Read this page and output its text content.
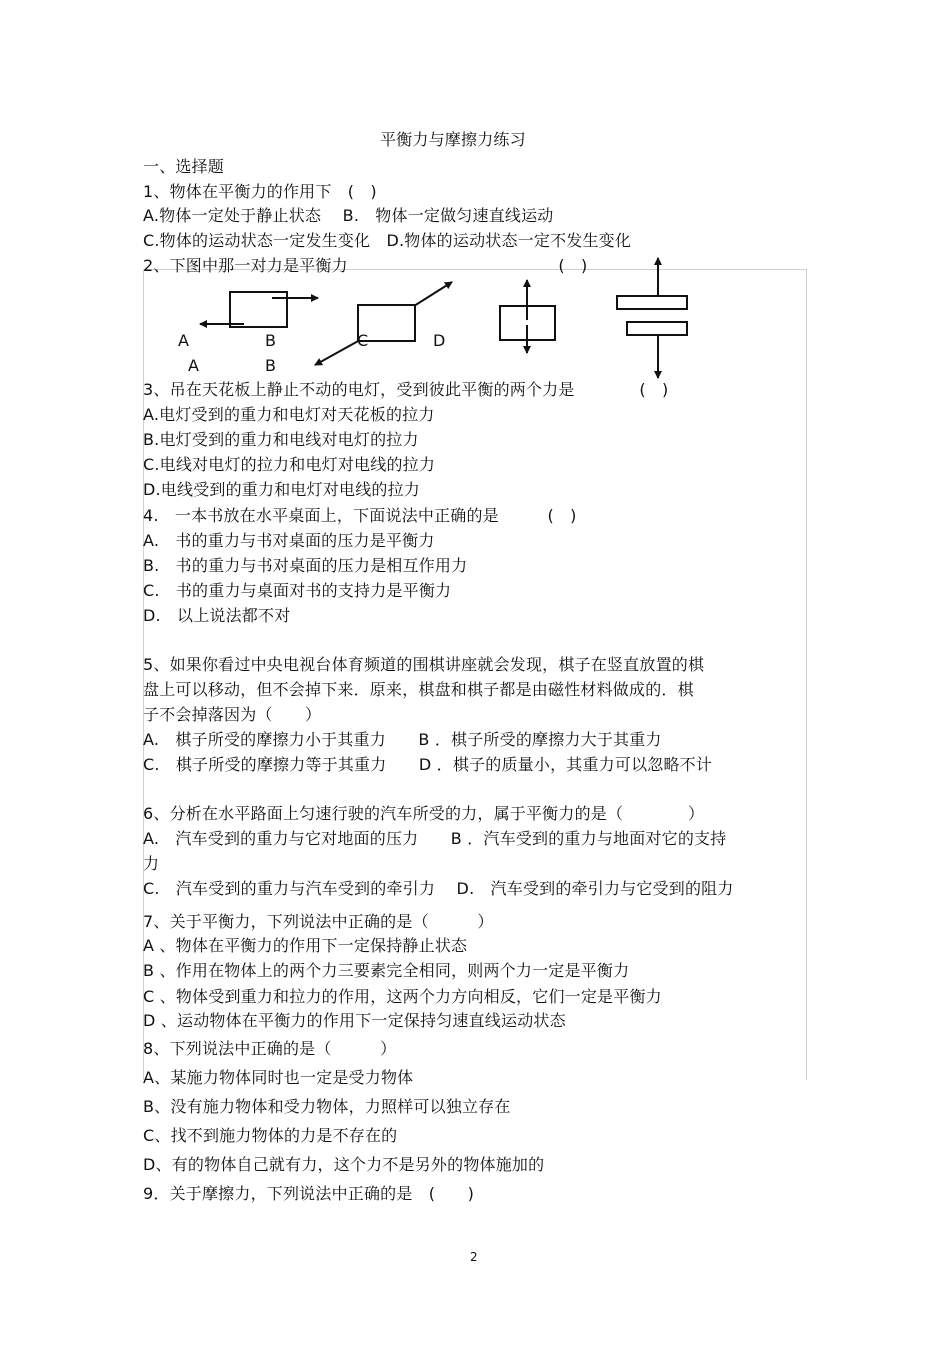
平衡力与摩擦力练习
一、选择题
1、物体在平衡力的作用下　(　)
A.物体一定处于静止状态　 B.　物体一定做匀速直线运动
C.物体的运动状态一定发生变化　D.物体的运动状态一定不发生变化
2、下图中那一对力是平衡力　　　　　　　　　　　　　(　)
A	B	C	D
A	B
3、吊在天花板上静止不动的电灯，受到彼此平衡的两个力是　　　　(　)
A.电灯受到的重力和电灯对天花板的拉力
B.电灯受到的重力和电线对电灯的拉力
C.电线对电灯的拉力和电灯对电线的拉力
D.电线受到的重力和电灯对电线的拉力
4.　一本书放在水平桌面上，下面说法中正确的是　　　(　)
A.　书的重力与书对桌面的压力是平衡力
B.　书的重力与书对桌面的压力是相互作用力
C.　书的重力与桌面对书的支持力是平衡力
D.　以上说法都不对
5、如果你看过中央电视台体育频道的围棋讲座就会发现，棋子在竖直放置的棋
盘上可以移动，但不会掉下来．原来，棋盘和棋子都是由磁性材料做成的．棋
子不会掉落因为（　　）
A.　棋子所受的摩擦力小于其重力　　B ．棋子所受的摩擦力大于其重力
C.　棋子所受的摩擦力等于其重力　　D ．棋子的质量小，其重力可以忽略不计
6、分析在水平路面上匀速行驶的汽车所受的力，属于平衡力的是（　　　　）
A.　汽车受到的重力与它对地面的压力　　B ．汽车受到的重力与地面对它的支持
力
C.　汽车受到的重力与汽车受到的牵引力　 D.　汽车受到的牵引力与它受到的阻力
7、关于平衡力，下列说法中正确的是（　　　）
A 、物体在平衡力的作用下一定保持静止状态
B 、作用在物体上的两个力三要素完全相同，则两个力一定是平衡力
C 、物体受到重力和拉力的作用，这两个力方向相反，它们一定是平衡力
D 、运动物体在平衡力的作用下一定保持匀速直线运动状态
8、下列说法中正确的是（　　　）
A、某施力物体同时也一定是受力物体
B、没有施力物体和受力物体，力照样可以独立存在
C、找不到施力物体的力是不存在的
D、有的物体自己就有力，这个力不是另外的物体施加的
9．关于摩擦力，下列说法中正确的是　(　　)
2
